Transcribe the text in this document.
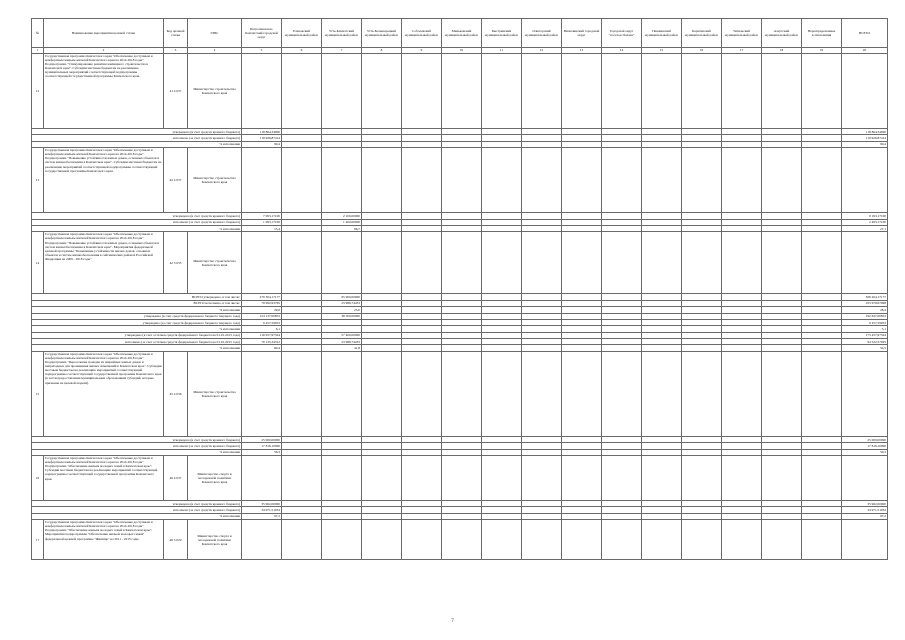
№	Наименование мероприятия целевой статьи	Код целевой статьи	ГРБС	Петропавловск-Камчатский городской округ	Елизовский муниципальный район	Усть-Камчатский муниципальный район	Усть-Большерецкий муниципальный район	Соболевский муниципальный район	Мильковский муниципальный район	Быстринский муниципальный район	Олюторский муниципальный район	Вилючинский городской округ	Городской округ "поселок Палана"	Пенжинский муниципальный район	Карагинский муниципальный район	Тигильский муниципальный район	Алеутский муниципальный район	Нераспределенные ассигнования	ВСЕГО
1	2	3	4	5	6	7	8	9	10	11	12	13	14	15	16	17	18	19	20
12	Государственная программа Камчатского края "Обеспечение доступным и комфортным жильем жителей Камчатского края на 2014-2018 годы" Подпрограмма "Стимулирование развития жилищного строительства в Камчатском крае". Субсидии местным бюджетам на реализацию муниципальных мероприятий соответствующей подпрограммы соответствующей государственной программы Камчатского края.	41 4 037	Министерство строительства Камчатского края																
утверждено (в счет средств краевого бюджета)				118 864,34000															118 864,34000
исполнено (за счет средств краевого бюджета)				119 926,87414															119 926,87414
% исполнения				99,4															99,4
13	Государственная программа Камчатского края "Обеспечение доступным и комфортным жильем жителей Камчатского края на 2014-2018 годы" Подпрограмма "Повышение устойчивости жилых домов, основных объектов и систем жизнеобеспечения в Камчатском крае". Субсидии местным бюджетам на реализацию мероприятий соответствующей подпрограммы соответствующей государственной программы Камчатского края.	42 4 037	Министерство строительства Камчатского края																
утверждено (в счет средств краевого бюджета)				7 093,17100		2 100,00000													9 193,17100
исполнено (за счет средств краевого бюджета)				1 093,17100		1 400,00000													2 493,17100
% исполнения				15,4		66,7													27,1
14	Государственная программа Камчатского края "Обеспечение доступным и комфортным жильем жителей Камчатского края на 2014-2018 годы" Подпрограмма "Повышение устойчивости жилых домов, основных объектов и систем жизнеобеспечения в Камчатском крае". Мероприятия федеральной целевой программы "Повышение устойчивости жилых домов, основных объектов и систем жизнеобеспечения в сейсмических районах Российской Федерации на 2009 - 2018 годы"	42 5 035	Министерство строительства Камчатского края																
ВСЕГО утверждено, в том числе:				270 304,17177		95 900,00000													366 204,17177
ВСЕГО исполнено, в том числе:				79 992,93765		23 986,74433													103 979,67998
% исполнения				29,6		25,0													28,4
утверждено (в счет средств федерального бюджета текущего года)				154 137,00853		38 500,00000													192 637,00853
утверждено (за счет средств федерального бюджета текущего года)				9 457,59053															9 457,59053
% исполнения				6,1															5,1
утверждено (в счет остатков средств федерального бюджета на 01.01.2015 года)				116 057,97324		57 400,00000													173 457,97324
исполнено (за счет остатков средств федерального бюджета на 01.01.2015 года)				70 135,34312		23 986,74433													94 522,57045
% исполнения				60,4		41,8													54,5
15	Государственная программа Камчатского края "Обеспечение доступным и комфортным жильем жителей Камчатского края на 2014-2018 годы" Подпрограмма "Переселение граждан из аварийных жилых домов и непригодных для проживания жилых помещений в Камчатском крае". Субсидии местным бюджетам на реализацию мероприятий соответствующей подпрограммы соответствующей государственной программы Камчатского края (в части предоставления муниципальным образованиям субсидий, которые признаны не целевой модели).	45 4 036	Министерство строительства Камчатского края																
утверждено (в счет средств краевого бюджета)				25 000,00000															25 000,00000
исполнено (за счет средств краевого бюджета)				17 816,10090															17 816,10090
% исполнения				56,3															59,3
16	Государственная программа Камчатского края "Обеспечение доступным и комфортным жильем жителей Камчатского края на 2014-2018 годы" Подпрограмма "Обеспечение жильем молодых семей в Камчатском крае". Субсидии местным бюджетам на реализацию мероприятий соответствующей подпрограммы соответствующей государственной программы Камчатского края.	46 4 037	Министерство спорта и молодежной политики Камчатского края																
утверждено (в счет средств краевого бюджета)				35 962,00000															35 962,00000
исполнено (за счет средств краевого бюджета)				34 971,51034															34 971,51034
% исполнения				97,2															97,2
17	Государственная программа Камчатского края "Обеспечение доступным и комфортным жильем жителей Камчатского края на 2014-2018 годы" Подпрограмма "Обеспечение жильем молодых семей в Камчатском крае". Мероприятия подпрограммы "Обеспечение жильем молодых семей" федеральной целевой программы "Жилище" на 2011 - 2015 годы.	46 5 020	Министерство спорта и молодежной политики Камчатского края																
7
